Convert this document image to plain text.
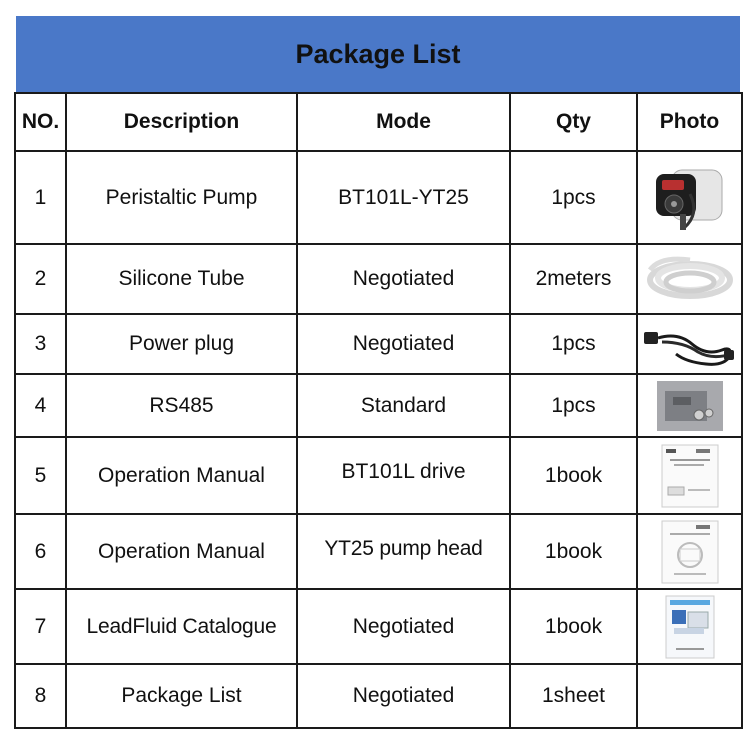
Package List
NO.	Description	Mode	Qty	Photo
1	Peristaltic Pump	BT101L-YT25	1pcs	

2	Silicone Tube	Negotiated	2meters	

3	Power plug	Negotiated	1pcs	

4	RS485	Standard	1pcs	

5	Operation Manual	BT101L drive	1book	

6	Operation Manual	YT25 pump head	1book	

7	LeadFluid Catalogue	Negotiated	1book	

8	Package List	Negotiated	1sheet	
